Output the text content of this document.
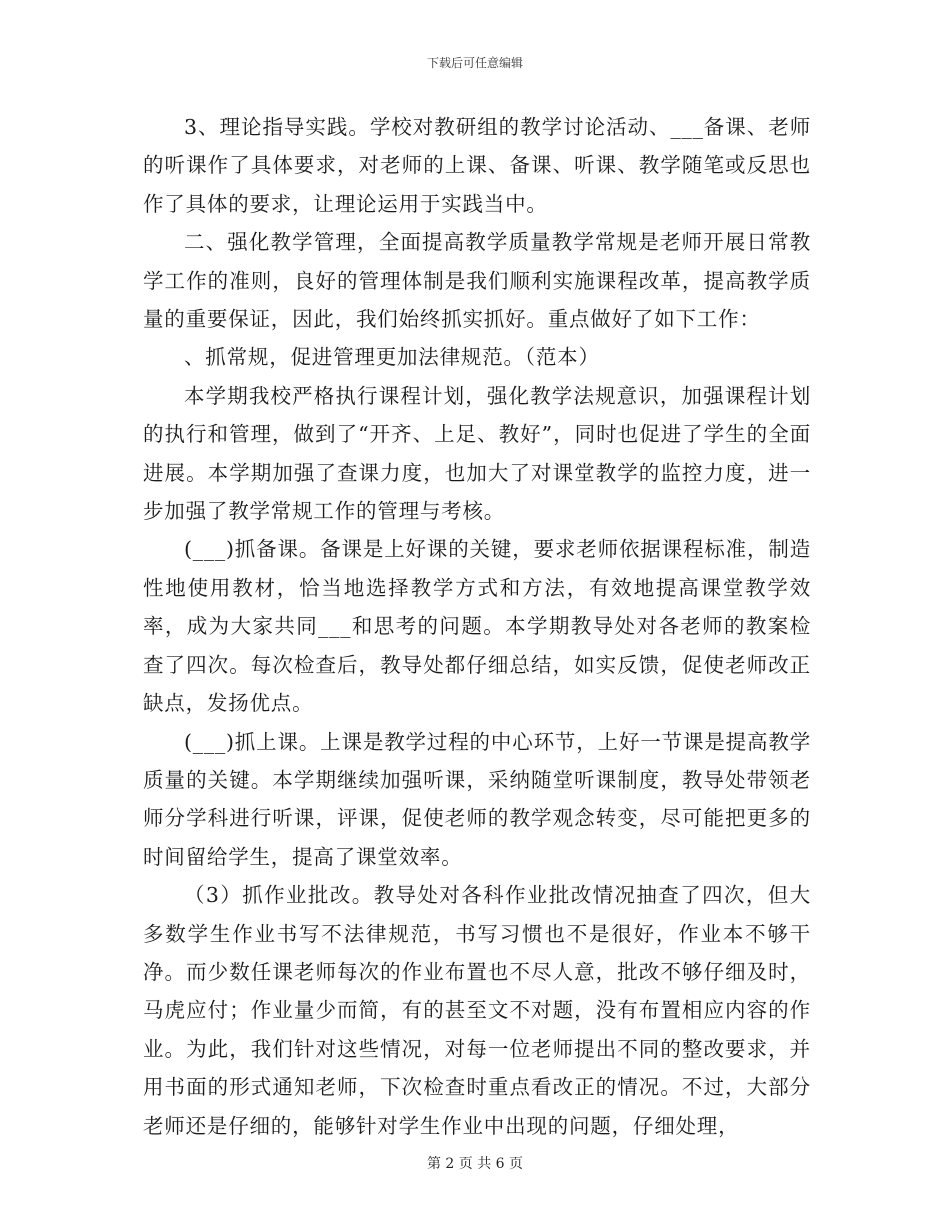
下载后可任意编辑

3、理论指导实践。学校对教研组的教学讨论活动、___备课、老师的听课作了具体要求，对老师的上课、备课、听课、教学随笔或反思也作了具体的要求，让理论运用于实践当中。

二、强化教学管理，全面提高教学质量教学常规是老师开展日常教学工作的准则，良好的管理体制是我们顺利实施课程改革，提高教学质量的重要保证，因此，我们始终抓实抓好。重点做好了如下工作：

、抓常规，促进管理更加法律规范。（范本）

本学期我校严格执行课程计划，强化教学法规意识，加强课程计划的执行和管理，做到了“开齐、上足、教好”，同时也促进了学生的全面进展。本学期加强了查课力度，也加大了对课堂教学的监控力度，进一步加强了教学常规工作的管理与考核。

(___)抓备课。备课是上好课的关键，要求老师依据课程标准，制造性地使用教材，恰当地选择教学方式和方法，有效地提高课堂教学效率，成为大家共同___和思考的问题。本学期教导处对各老师的教案检查了四次。每次检查后，教导处都仔细总结，如实反馈，促使老师改正缺点，发扬优点。

(___)抓上课。上课是教学过程的中心环节，上好一节课是提高教学质量的关键。本学期继续加强听课，采纳随堂听课制度，教导处带领老师分学科进行听课，评课，促使老师的教学观念转变，尽可能把更多的时间留给学生，提高了课堂效率。

（3）抓作业批改。教导处对各科作业批改情况抽查了四次，但大多数学生作业书写不法律规范，书写习惯也不是很好，作业本不够干净。而少数任课老师每次的作业布置也不尽人意，批改不够仔细及时，马虎应付；作业量少而简，有的甚至文不对题，没有布置相应内容的作业。为此，我们针对这些情况，对每一位老师提出不同的整改要求，并用书面的形式通知老师，下次检查时重点看改正的情况。不过，大部分老师还是仔细的，能够针对学生作业中出现的问题，仔细处理，

第 2 页 共 6 页
